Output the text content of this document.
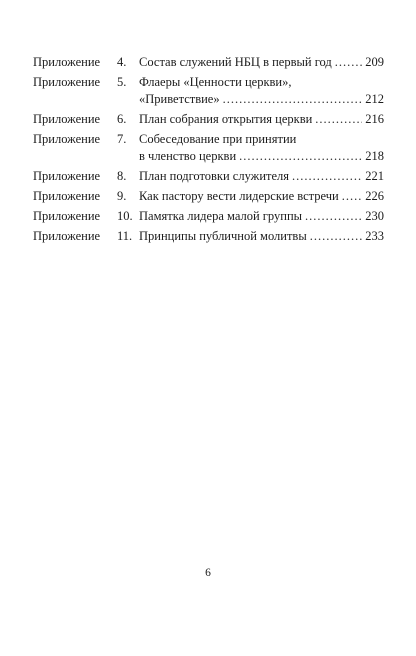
Приложение	4.	Состав служений НБЦ в первый год .....	209
Приложение	5.	Флаеры «Ценности церкви»,
«Приветствие» .....	212
Приложение	6.	План собрания открытия церкви .....	216
Приложение	7.	Собеседование при принятии
в членство церкви .....	218
Приложение	8.	План подготовки служителя .....	221
Приложение	9.	Как пастору вести лидерские встречи ..... 226
Приложение	10. Памятка лидера малой группы .....	230
Приложение	11. Принципы публичной молитвы .....	233
6
